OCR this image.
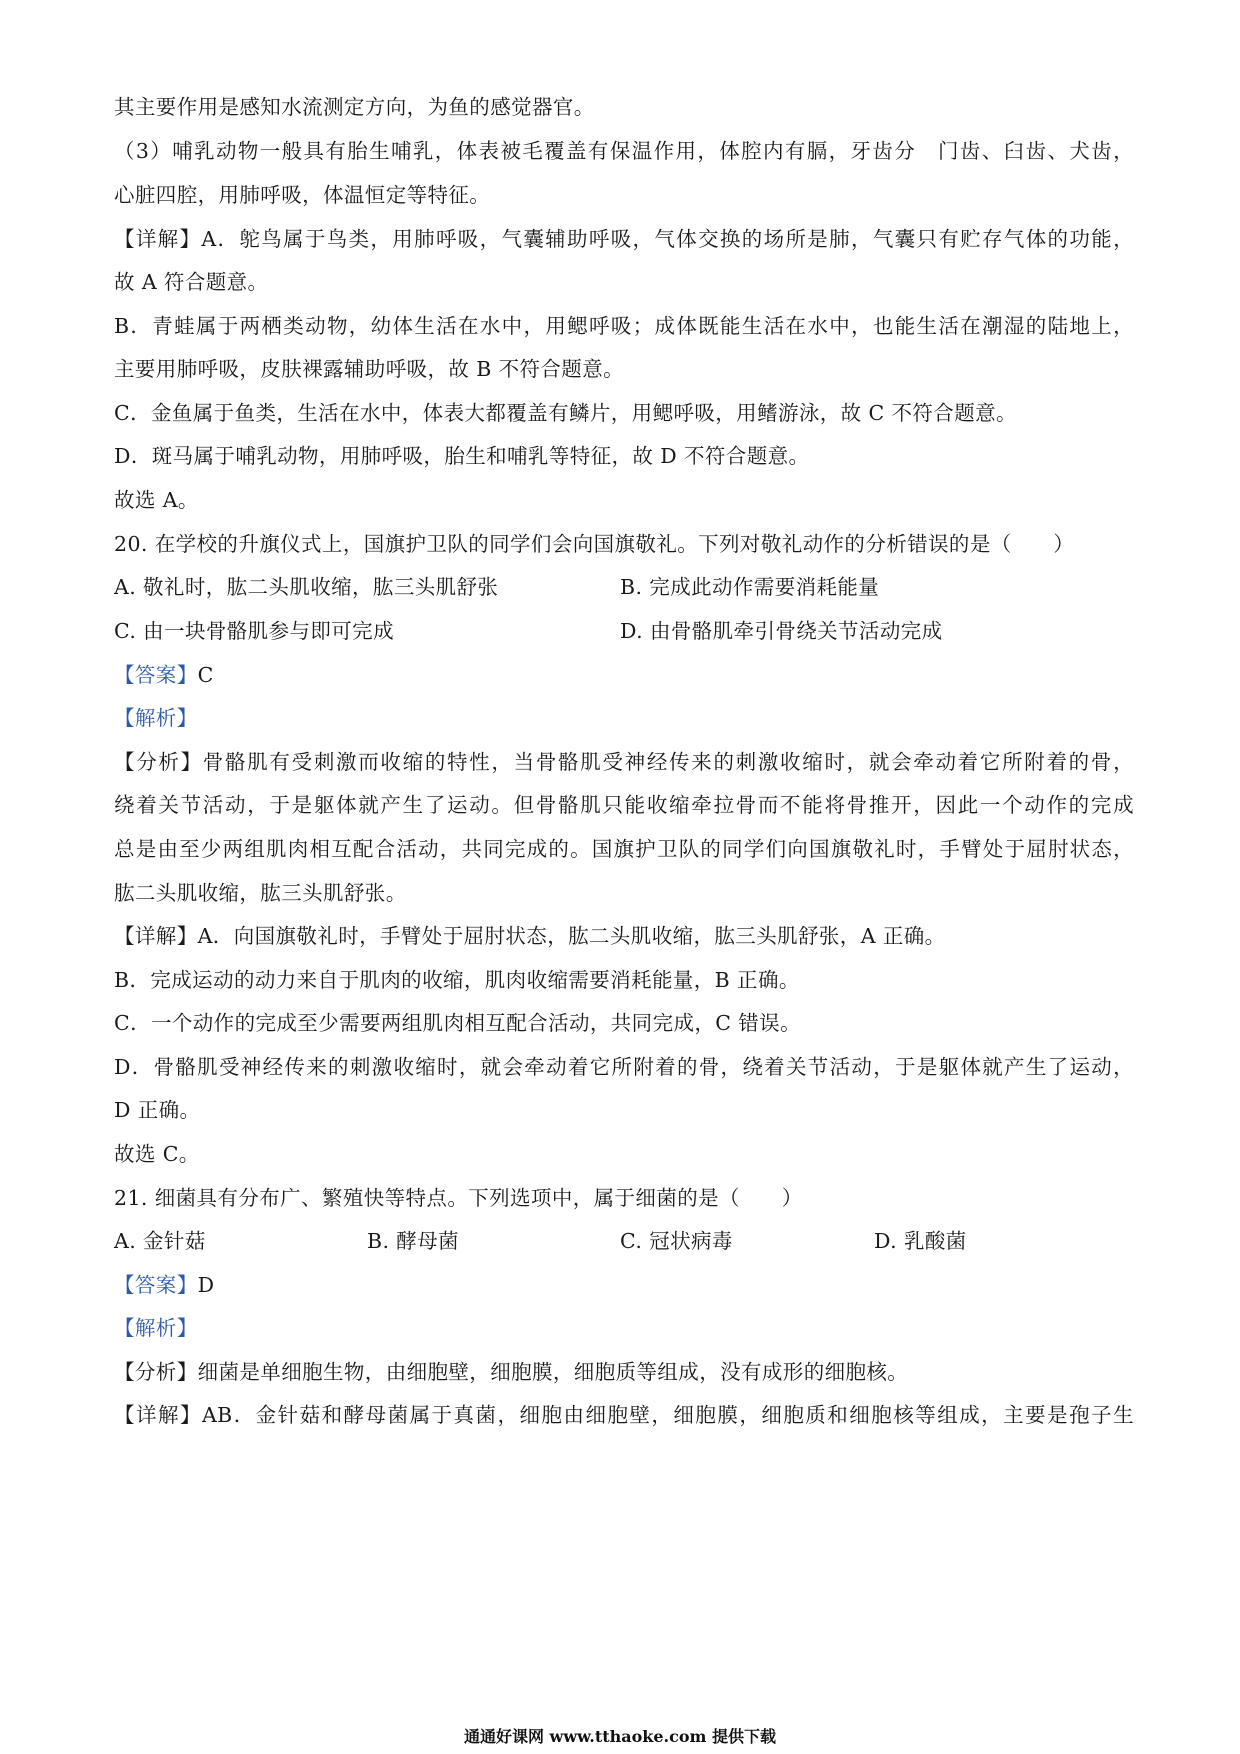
其主要作用是感知水流测定方向，为鱼的感觉器官。
（3）哺乳动物一般具有胎生哺乳，体表被毛覆盖有保温作用，体腔内有膈，牙齿分　门齿、臼齿、犬齿，
心脏四腔，用肺呼吸，体温恒定等特征。
【详解】A．鸵鸟属于鸟类，用肺呼吸，气囊辅助呼吸，气体交换的场所是肺，气囊只有贮存气体的功能，
故 A 符合题意。
B．青蛙属于两栖类动物，幼体生活在水中，用鳃呼吸；成体既能生活在水中，也能生活在潮湿的陆地上，
主要用肺呼吸，皮肤裸露辅助呼吸，故 B 不符合题意。
C．金鱼属于鱼类，生活在水中，体表大都覆盖有鳞片，用鳃呼吸，用鳍游泳，故 C 不符合题意。
D．斑马属于哺乳动物，用肺呼吸，胎生和哺乳等特征，故 D 不符合题意。
故选 A。
20. 在学校的升旗仪式上，国旗护卫队的同学们会向国旗敬礼。下列对敬礼动作的分析错误的是（　　）
A. 敬礼时，肱二头肌收缩，肱三头肌舒张	B. 完成此动作需要消耗能量
C. 由一块骨骼肌参与即可完成	D. 由骨骼肌牵引骨绕关节活动完成
【答案】C
【解析】
【分析】骨骼肌有受刺激而收缩的特性，当骨骼肌受神经传来的刺激收缩时，就会牵动着它所附着的骨，
绕着关节活动，于是躯体就产生了运动。但骨骼肌只能收缩牵拉骨而不能将骨推开，因此一个动作的完成
总是由至少两组肌肉相互配合活动，共同完成的。国旗护卫队的同学们向国旗敬礼时，手臂处于屈肘状态，
肱二头肌收缩，肱三头肌舒张。
【详解】A．向国旗敬礼时，手臂处于屈肘状态，肱二头肌收缩，肱三头肌舒张，A 正确。
B．完成运动的动力来自于肌肉的收缩，肌肉收缩需要消耗能量，B 正确。
C．一个动作的完成至少需要两组肌肉相互配合活动，共同完成，C 错误。
D．骨骼肌受神经传来的刺激收缩时，就会牵动着它所附着的骨，绕着关节活动，于是躯体就产生了运动，
D 正确。
故选 C。
21. 细菌具有分布广、繁殖快等特点。下列选项中，属于细菌的是（　　）
A. 金针菇	B. 酵母菌	C. 冠状病毒	D. 乳酸菌
【答案】D
【解析】
【分析】细菌是单细胞生物，由细胞壁，细胞膜，细胞质等组成，没有成形的细胞核。
【详解】AB．金针菇和酵母菌属于真菌，细胞由细胞壁，细胞膜，细胞质和细胞核等组成，主要是孢子生
通通好课网 www.tthaoke.com 提供下载
